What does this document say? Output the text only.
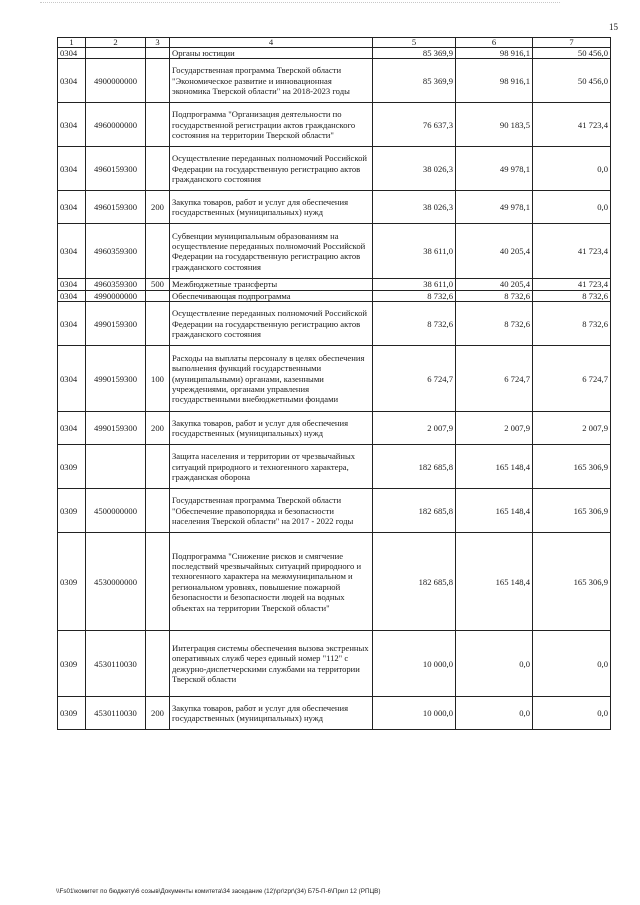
15
1	2	3	4	5	6	7
0304			Органы юстиции	85 369,9	98 916,1	50 456,0
0304	4900000000		Государственная программа Тверской области "Экономическое развитие и инновационная экономика Тверской области" на 2018-2023 годы	85 369,9	98 916,1	50 456,0
0304	4960000000		Подпрограмма "Организация деятельности по государственной регистрации актов гражданского состояния на территории Тверской области"	76 637,3	90 183,5	41 723,4
0304	4960159300		Осуществление переданных полномочий Российской Федерации на государственную регистрацию актов гражданского состояния	38 026,3	49 978,1	0,0
0304	4960159300	200	Закупка товаров, работ и услуг для обеспечения государственных (муниципальных) нужд	38 026,3	49 978,1	0,0
0304	4960359300		Субвенции муниципальным образованиям на осуществление переданных полномочий Российской Федерации на государственную регистрацию актов гражданского состояния	38 611,0	40 205,4	41 723,4
0304	4960359300	500	Межбюджетные трансферты	38 611,0	40 205,4	41 723,4
0304	4990000000		Обеспечивающая подпрограмма	8 732,6	8 732,6	8 732,6
0304	4990159300		Осуществление переданных полномочий Российской Федерации на государственную регистрацию актов гражданского состояния	8 732,6	8 732,6	8 732,6
0304	4990159300	100	Расходы на выплаты персоналу в целях обеспечения выполнения функций государственными (муниципальными) органами, казенными учреждениями, органами управления государственными внебюджетными фондами	6 724,7	6 724,7	6 724,7
0304	4990159300	200	Закупка товаров, работ и услуг для обеспечения государственных (муниципальных) нужд	2 007,9	2 007,9	2 007,9
0309			Защита населения и территории от чрезвычайных ситуаций природного и техногенного характера, гражданская оборона	182 685,8	165 148,4	165 306,9
0309	4500000000		Государственная программа Тверской области "Обеспечение правопорядка и безопасности населения Тверской области" на 2017 - 2022 годы	182 685,8	165 148,4	165 306,9
0309	4530000000		Подпрограмма "Снижение рисков и смягчение последствий чрезвычайных ситуаций природного и техногенного характера на межмуниципальном и региональном уровнях, повышение пожарной безопасности и безопасности людей на водных объектах на территории Тверской области"	182 685,8	165 148,4	165 306,9
0309	4530110030		Интеграция системы обеспечения вызова экстренных оперативных служб через единый номер "112" с дежурно-диспетчерскими службами на территории Тверской области	10 000,0	0,0	0,0
0309	4530110030	200	Закупка товаров, работ и услуг для обеспечения государственных (муниципальных) нужд	10 000,0	0,0	0,0
\\Fs01\комитет по бюджету\6 созыв\Документы комитета\34 заседание (12)\pr\zpr\(34) Б75-П-6\Прил 12 (РПЦВ)
